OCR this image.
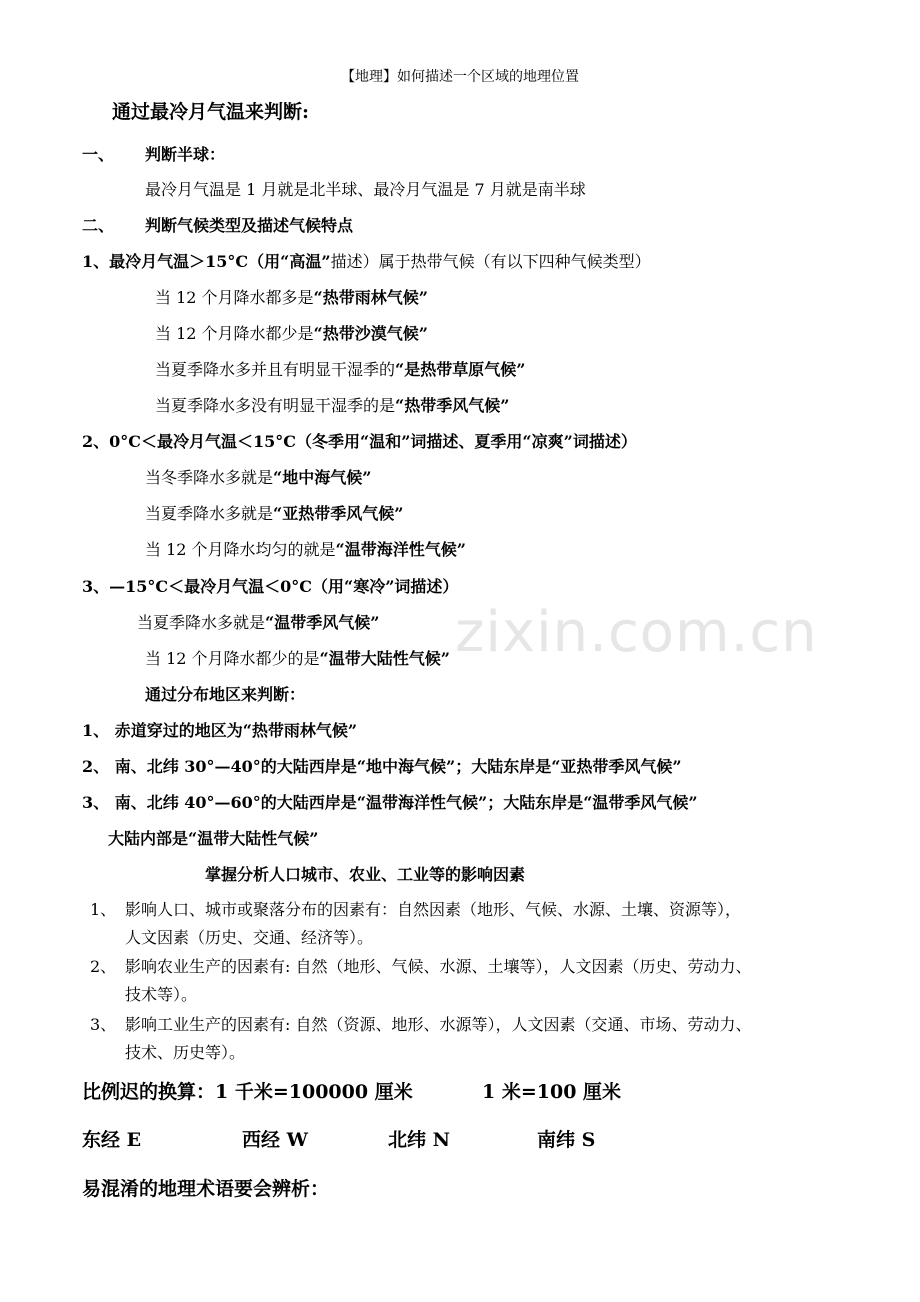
zixin.com.cn
【地理】如何描述一个区域的地理位置
通过最冷月气温来判断:
一、 判断半球：
最冷月气温是 1 月就是北半球、最冷月气温是 7 月就是南半球
二、 判断气候类型及描述气候特点
1、最冷月气温＞15°C（用“高温”描述）属于热带气候（有以下四种气候类型）
当 12 个月降水都多是“热带雨林气候”
当 12 个月降水都少是“热带沙漠气候”
当夏季降水多并且有明显干湿季的“是热带草原气候”
当夏季降水多没有明显干湿季的是“热带季风气候”
2、0°C＜最冷月气温＜15°C（冬季用“温和”词描述、夏季用“凉爽”词描述）
当冬季降水多就是“地中海气候”
当夏季降水多就是“亚热带季风气候”
当 12 个月降水均匀的就是“温带海洋性气候”
3、—15°C＜最冷月气温＜0°C（用“寒冷”词描述）
当夏季降水多就是“温带季风气候”
当 12 个月降水都少的是“温带大陆性气候”
通过分布地区来判断：
1、 赤道穿过的地区为“热带雨林气候”
2、 南、北纬 30°—40°的大陆西岸是“地中海气候”；大陆东岸是“亚热带季风气候”
3、 南、北纬 40°—60°的大陆西岸是“温带海洋性气候”；大陆东岸是“温带季风气候”
大陆内部是“温带大陆性气候”
掌握分析人口城市、农业、工业等的影响因素
1、 影响人口、城市或聚落分布的因素有：自然因素（地形、气候、水源、土壤、资源等），
人文因素（历史、交通、经济等）。
2、 影响农业生产的因素有: 自然（地形、气候、水源、土壤等），人文因素（历史、劳动力、
技术等）。
3、 影响工业生产的因素有: 自然（资源、地形、水源等），人文因素（交通、市场、劳动力、
技术、历史等）。
比例迟的换算：1 千米=100000 厘米	1 米=100 厘米
东经 E	西经 W	北纬 N	南纬 S
易混淆的地理术语要会辨析：
